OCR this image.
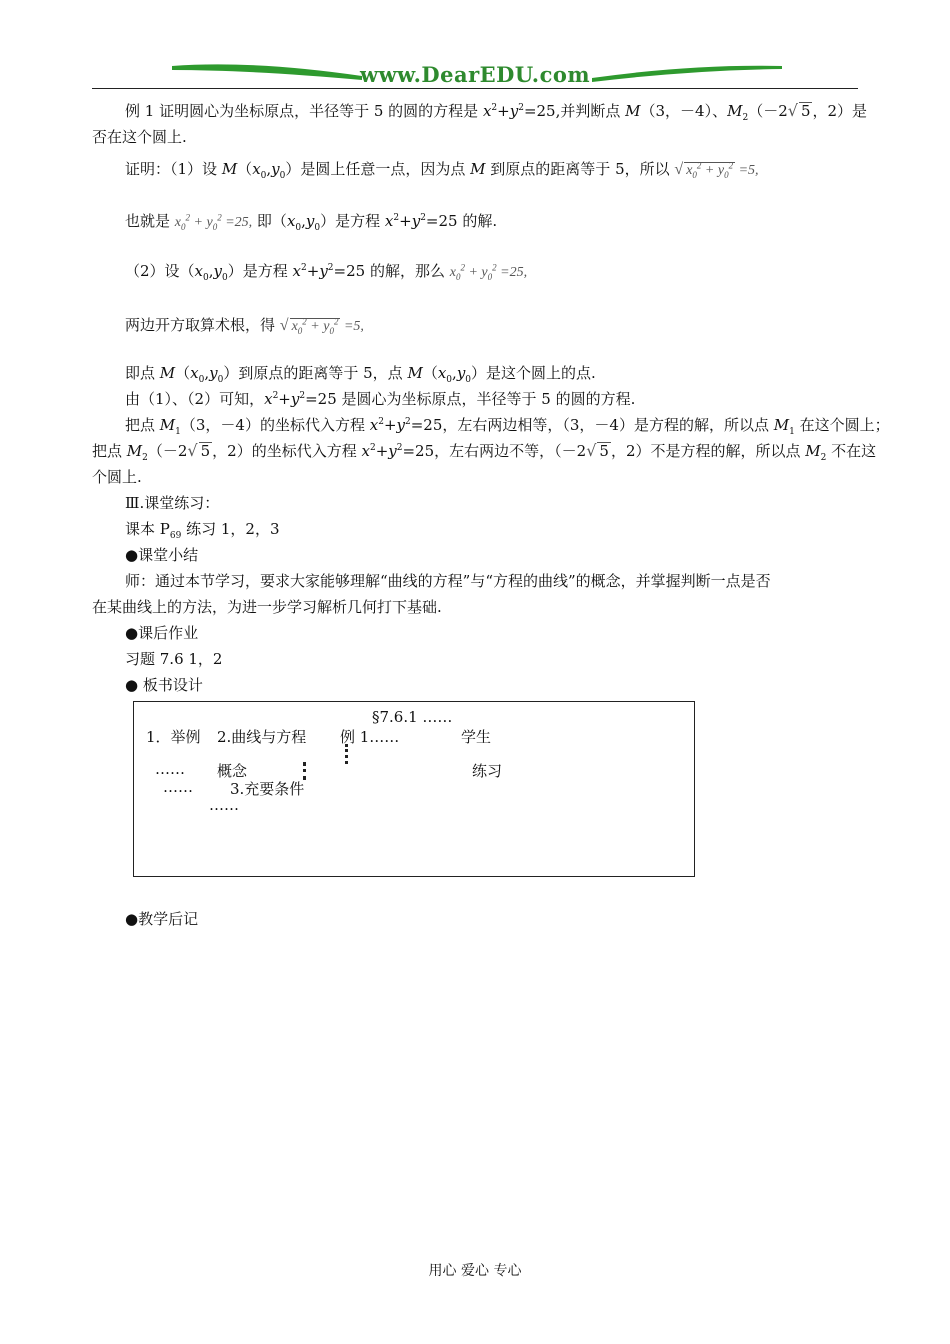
www.DearEDU.com
例 1 证明圆心为坐标原点，半径等于 5 的圆的方程是 $x^2+y^2=25$,并判断点 M（3，－4）、$M_2(-2√$ 5 ，2）是
否在这个圆上.
证明：（1）设 $M(x_0,y_0)$是圆上任意一点，因为点 M 到原点的距离等于 5，所以 √ $x_0^2 + y_0^2 =5$,
也就是 $x_0^2 + y_0^2 =25$, 即$(x_0,y_0)$是方程 $x^2+y^2=25$ 的解.
（2）设$(x_0,y_0)$是方程 $x^2+y^2=25$ 的解，那么 $x_0^2 + y_0^2 =25$,
两边开方取算术根，得 √ $x_0^2 + y_0^2 =5$,
即点 $M(x_0,y_0)$到原点的距离等于 5，点 $M(x_0,y_0)$是这个圆上的点.
由（1）、（2）可知，$x^2+y^2=25$ 是圆心为坐标原点，半径等于 5 的圆的方程.
把点 $M_1(3$，－4）的坐标代入方程 $x^2+y^2=25$，左右两边相等，（3，－4）是方程的解，所以点 $M_1$ 在这个圆上；
把点 $M_2(-2√$ 5 ，2）的坐标代入方程 $x^2+y^2=25$，左右两边不等，（－2√ 5 ，2）不是方程的解，所以点 $M_2$ 不在这
个圆上.
Ⅲ.课堂练习：
课本 $P_{69}$ 练习 1，2，3
●课堂小结
师：通过本节学习，要求大家能够理解“曲线的方程”与“方程的曲线”的概念，并掌握判断一点是否
在某曲线上的方法，为进一步学习解析几何打下基础.
●课后作业
习题 7.6 1，2
● 板书设计
§7.6.1 ……
1．举例 2.曲线与方程 例 1……	学生
…… 概念	练习
…… 3.充要条件
……
●教学后记
用心 爱心 专心
